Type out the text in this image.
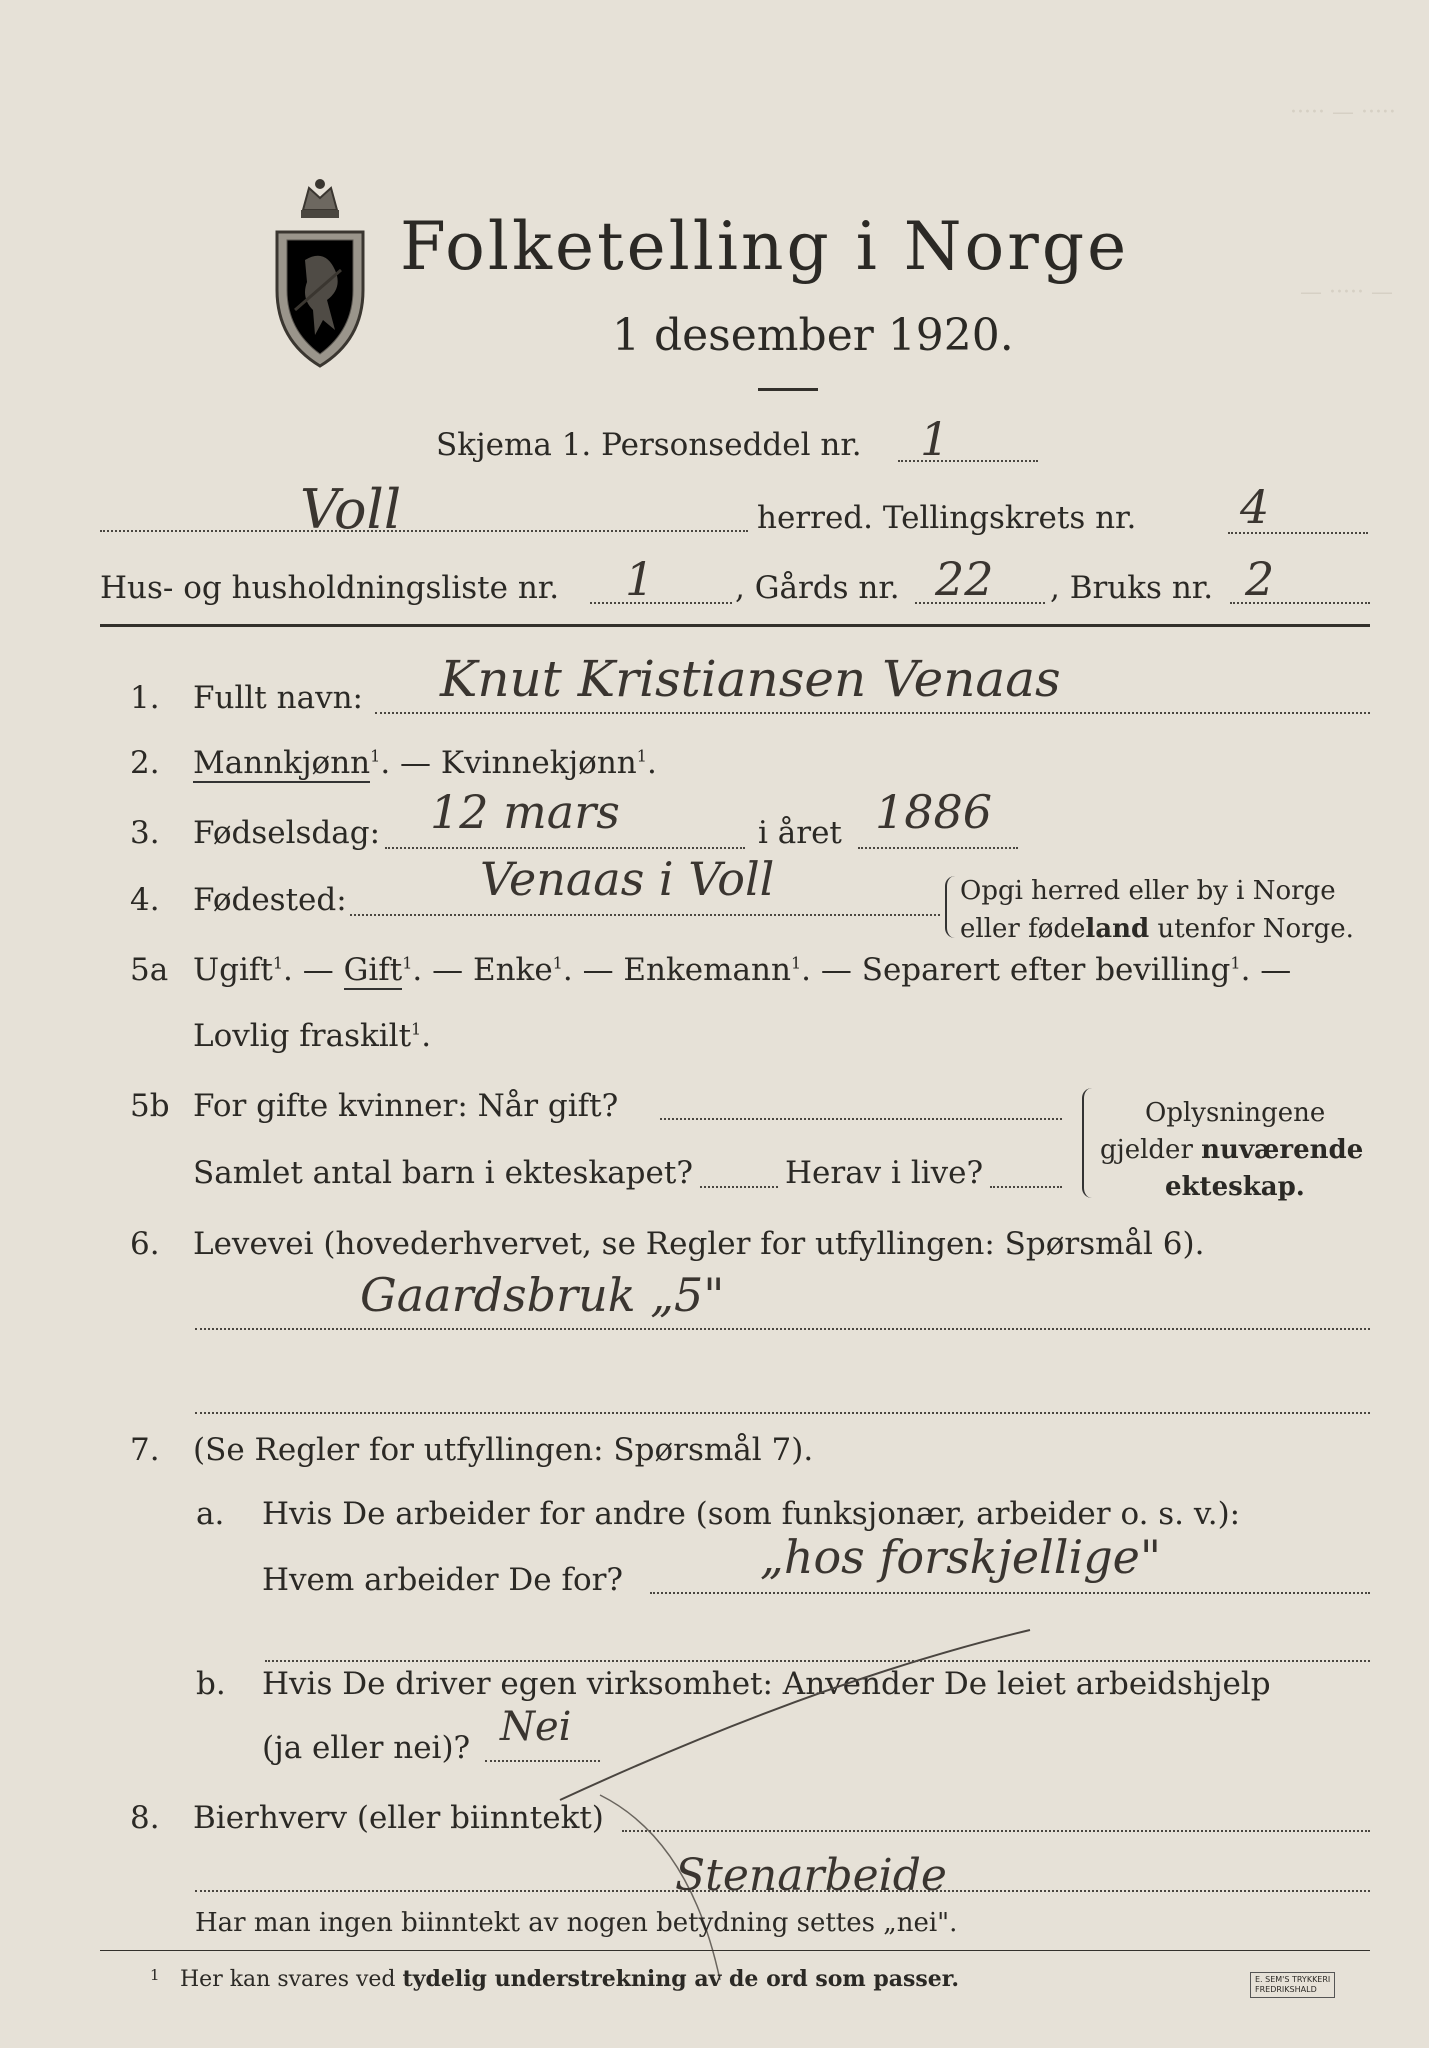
····· — ·····
— ····· —
Folketelling i Norge
1 desember 1920.
Skjema 1. Personseddel nr. 1
Voll	herred. Tellingskrets nr. 4
Hus- og husholdningsliste nr. 1	, Gårds nr. 22 , Bruks nr. 2
1. Fullt navn: Knut Kristiansen Venaas
2. Mannkjønn$^1$. — Kvinnekjønn$^1$.
3. Fødselsdag: 12 mars	i året 1886
4. Fødested:	Venaas i Voll	Opgi herred eller by i Norge
eller fødeland utenfor Norge.
5a Ugift$^1$. — Gift$^1$. — Enke$^1$. — Enkemann$^1$. — Separert efter bevilling$^1$. —
Lovlig fraskilt$^1$.
5b For gifte kvinner: Når gift?
Samlet antal barn i ekteskapet?	Herav i live?
Oplysningene
gjelder nuværende
ekteskap.
6. Levevei (hovederhvervet, se Regler for utfyllingen: Spørsmål 6).
Gaardsbruk „5"
7. (Se Regler for utfyllingen: Spørsmål 7).
a. Hvis De arbeider for andre (som funksjonær, arbeider o. s. v.):
Hvem arbeider De for?	„hos forskjellige"
b. Hvis De driver egen virksomhet: Anvender De leiet arbeidshjelp
(ja eller nei)? Nei
8. Bierhverv (eller biinntekt)
Stenarbeide
Har man ingen biinntekt av nogen betydning settes „nei".
1 Her kan svares ved tydelig understrekning av de ord som passer.	E. SEM'S TRYKKERI
FREDRIKSHALD
